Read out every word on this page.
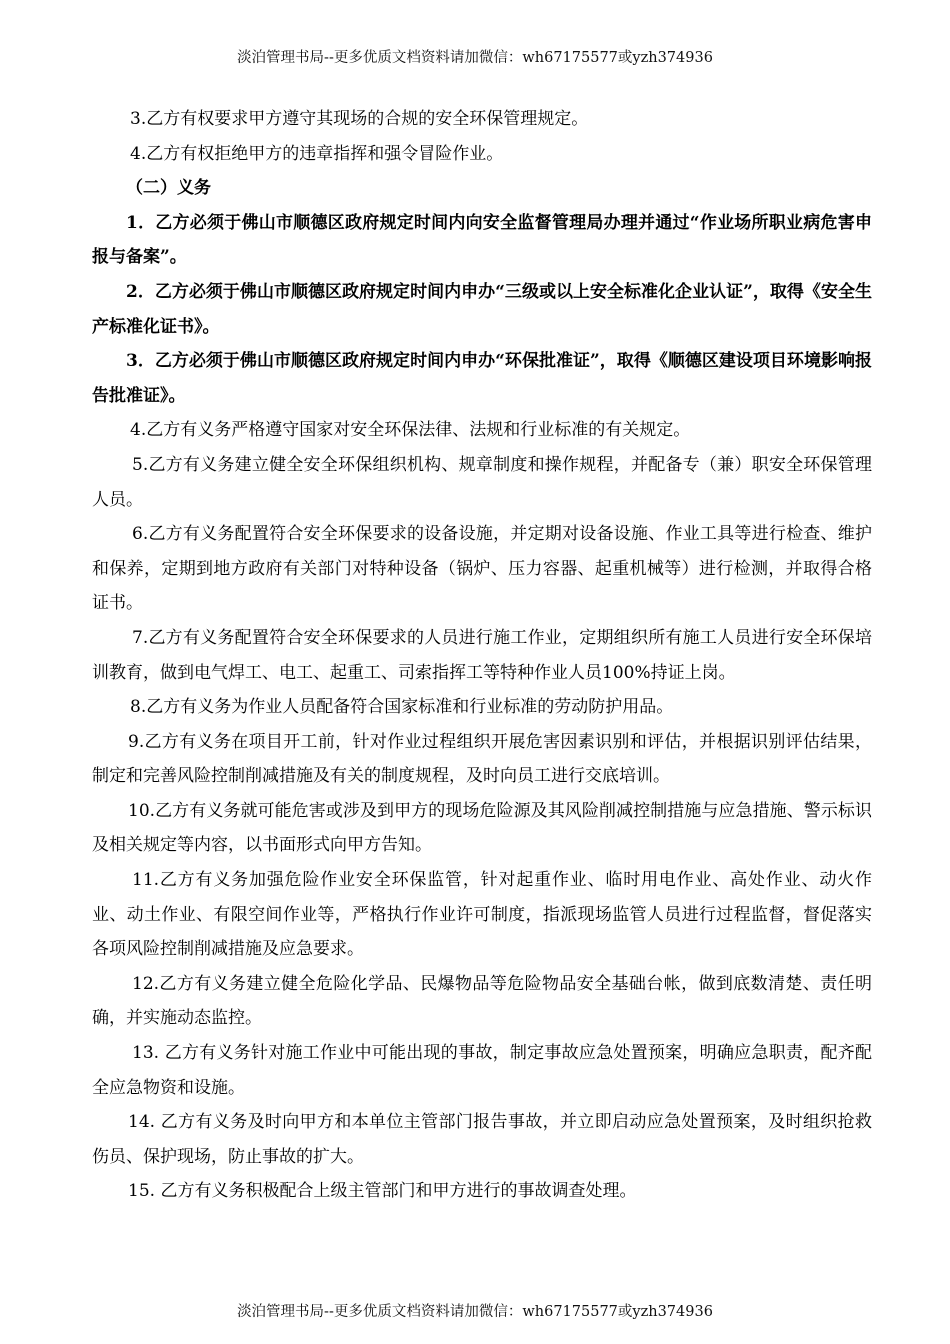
淡泊管理书局--更多优质文档资料请加微信：wh67175577或yzh374936

3.乙方有权要求甲方遵守其现场的合规的安全环保管理规定。

4.乙方有权拒绝甲方的违章指挥和强令冒险作业。

（二）义务

1．乙方必须于佛山市顺德区政府规定时间内向安全监督管理局办理并通过“作业场所职业病危害申报与备案”。

2．乙方必须于佛山市顺德区政府规定时间内申办“三级或以上安全标准化企业认证”，取得《安全生产标准化证书》。

3．乙方必须于佛山市顺德区政府规定时间内申办“环保批准证”，取得《顺德区建设项目环境影响报告批准证》。

4.乙方有义务严格遵守国家对安全环保法律、法规和行业标准的有关规定。

5.乙方有义务建立健全安全环保组织机构、规章制度和操作规程，并配备专（兼）职安全环保管理人员。

6.乙方有义务配置符合安全环保要求的设备设施，并定期对设备设施、作业工具等进行检查、维护和保养，定期到地方政府有关部门对特种设备（锅炉、压力容器、起重机械等）进行检测，并取得合格证书。

7.乙方有义务配置符合安全环保要求的人员进行施工作业，定期组织所有施工人员进行安全环保培训教育，做到电气焊工、电工、起重工、司索指挥工等特种作业人员100%持证上岗。

8.乙方有义务为作业人员配备符合国家标准和行业标准的劳动防护用品。

9.乙方有义务在项目开工前，针对作业过程组织开展危害因素识别和评估，并根据识别评估结果，制定和完善风险控制削减措施及有关的制度规程，及时向员工进行交底培训。

10.乙方有义务就可能危害或涉及到甲方的现场危险源及其风险削减控制措施与应急措施、警示标识及相关规定等内容，以书面形式向甲方告知。

11.乙方有义务加强危险作业安全环保监管，针对起重作业、临时用电作业、高处作业、动火作业、动土作业、有限空间作业等，严格执行作业许可制度，指派现场监管人员进行过程监督，督促落实各项风险控制削减措施及应急要求。

12.乙方有义务建立健全危险化学品、民爆物品等危险物品安全基础台帐，做到底数清楚、责任明确，并实施动态监控。

13. 乙方有义务针对施工作业中可能出现的事故，制定事故应急处置预案，明确应急职责，配齐配全应急物资和设施。

14. 乙方有义务及时向甲方和本单位主管部门报告事故，并立即启动应急处置预案，及时组织抢救伤员、保护现场，防止事故的扩大。

15. 乙方有义务积极配合上级主管部门和甲方进行的事故调查处理。

淡泊管理书局--更多优质文档资料请加微信：wh67175577或yzh374936
